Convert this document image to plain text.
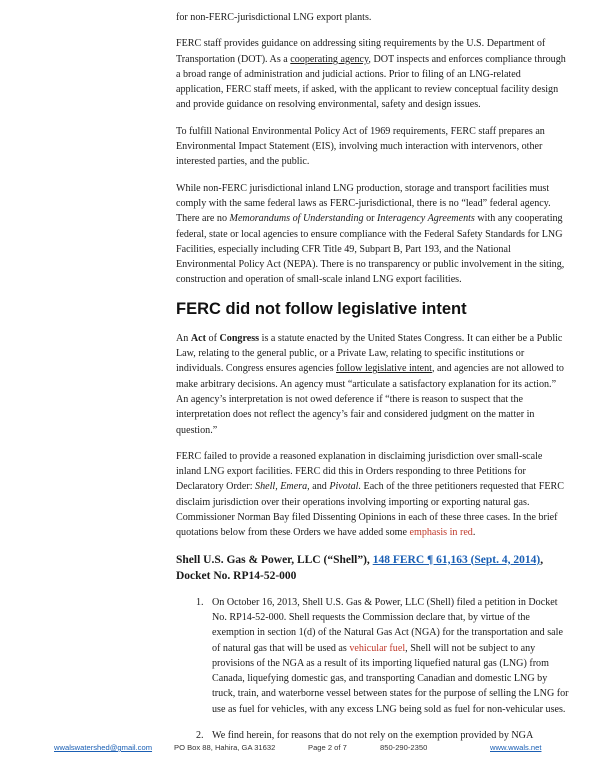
for non-FERC-jurisdictional LNG export plants.

FERC staff provides guidance on addressing siting requirements by the U.S. Department of Transportation (DOT). As a cooperating agency, DOT inspects and enforces compliance through a broad range of administration and judicial actions. Prior to filing of an LNG-related application, FERC staff meets, if asked, with the applicant to review conceptual facility design and provide guidance on resolving environmental, safety and design issues.

To fulfill National Environmental Policy Act of 1969 requirements, FERC staff prepares an Environmental Impact Statement (EIS), involving much interaction with intervenors, other interested parties, and the public.

While non-FERC jurisdictional inland LNG production, storage and transport facilities must comply with the same federal laws as FERC-jurisdictional, there is no “lead” federal agency. There are no Memorandums of Understanding or Interagency Agreements with any cooperating federal, state or local agencies to ensure compliance with the Federal Safety Standards for LNG Facilities, especially including CFR Title 49, Subpart B, Part 193, and the National Environmental Policy Act (NEPA). There is no transparency or public involvement in the siting, construction and operation of small-scale inland LNG export facilities.

FERC did not follow legislative intent

An Act of Congress is a statute enacted by the United States Congress. It can either be a Public Law, relating to the general public, or a Private Law, relating to specific institutions or individuals. Congress ensures agencies follow legislative intent, and agencies are not allowed to make arbitrary decisions. An agency must “articulate a satisfactory explanation for its action.” An agency’s interpretation is not owed deference if “there is reason to suspect that the interpretation does not reflect the agency’s fair and considered judgment on the matter in question.”

FERC failed to provide a reasoned explanation in disclaiming jurisdiction over small-scale inland LNG export facilities. FERC did this in Orders responding to three Petitions for Declaratory Order: Shell, Emera, and Pivotal. Each of the three petitioners requested that FERC disclaim jurisdiction over their operations involving importing or exporting natural gas. Commissioner Norman Bay filed Dissenting Opinions in each of these three cases. In the brief quotations below from these Orders we have added some emphasis in red.

Shell U.S. Gas & Power, LLC (“Shell”), 148 FERC ¶ 61,163 (Sept. 4, 2014),
Docket No. RP14-52-000
1. On October 16, 2013, Shell U.S. Gas & Power, LLC (Shell) filed a petition in Docket No. RP14-52-000. Shell requests the Commission declare that, by virtue of the exemption in section 1(d) of the Natural Gas Act (NGA) for the transportation and sale of natural gas that will be used as vehicular fuel, Shell will not be subject to any provisions of the NGA as a result of its importing liquefied natural gas (LNG) from Canada, liquefying domestic gas, and transporting Canadian and domestic LNG by truck, train, and waterborne vessel between states for the purpose of selling the LNG for use as fuel for vehicles, with any excess LNG being sold as fuel for non-vehicular uses.
2. We find herein, for reasons that do not rely on the exemption provided by NGA
wwalswatershed@gmail.com	PO Box 88, Hahira, GA 31632	Page 2 of 7	850-290-2350	www.wwals.net
